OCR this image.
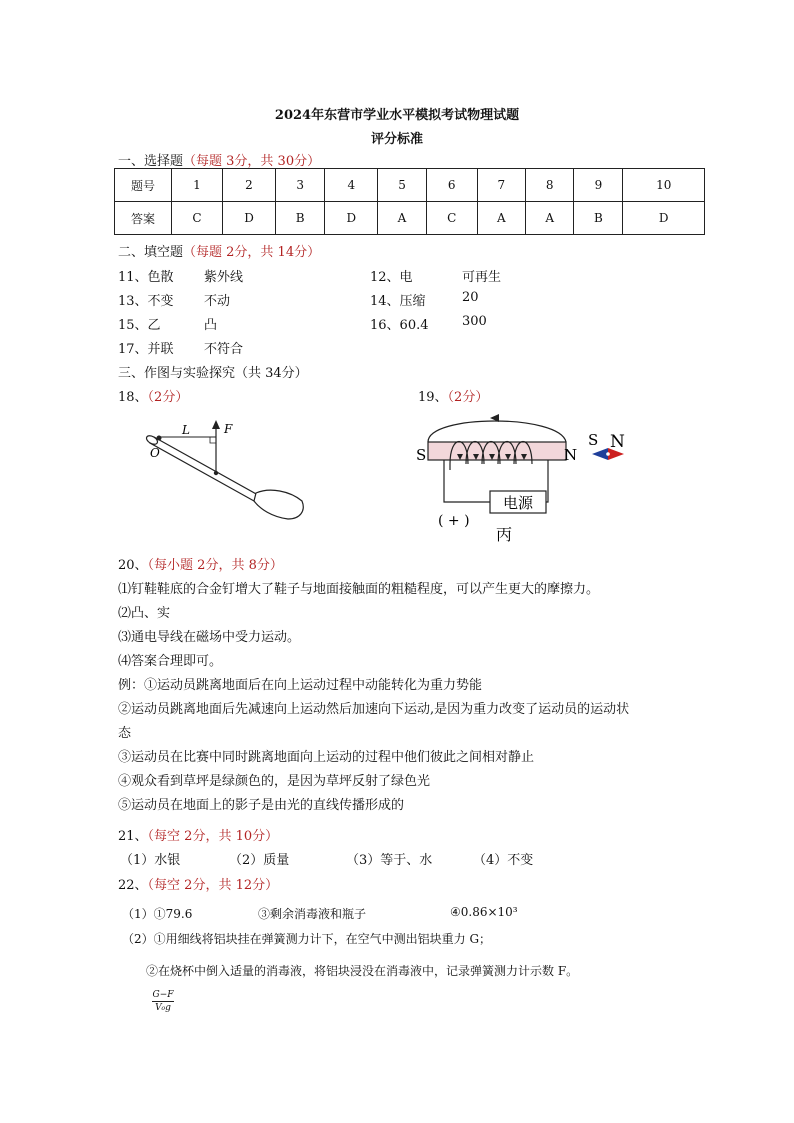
2024年东营市学业水平模拟考试物理试题
评分标准
一、选择题（每题 3分，共 30分）
题号	1	2	3	4	5	6	7	8	9	10
答案	C	D	B	D	A	C	A	A	B	D
二、填空题（每题 2分，共 14分）
11、色散 紫外线	12、电	可再生
13、不变 不动	14、压缩	20
15、乙	凸	16、60.4	300
17、并联 不符合
三、作图与实验探究（共 34分）
18、（2分）	19、（2分）
L	F
O
电源
( + )
丙
S	N
S N
20、（每小题 2分，共 8分）
⑴钉鞋鞋底的合金钉增大了鞋子与地面接触面的粗糙程度，可以产生更大的摩擦力。
⑵凸、实
⑶通电导线在磁场中受力运动。
⑷答案合理即可。
例：①运动员跳离地面后在向上运动过程中动能转化为重力势能
②运动员跳离地面后先减速向上运动然后加速向下运动,是因为重力改变了运动员的运动状
态
③运动员在比赛中同时跳离地面向上运动的过程中他们彼此之间相对静止
④观众看到草坪是绿颜色的，是因为草坪反射了绿色光
⑤运动员在地面上的影子是由光的直线传播形成的
21、（每空 2分，共 10分）
（1）水银	（2）质量	（3）等于、水	（4）不变
22、（每空 2分，共 12分）
（1）①79.6	③剩余消毒液和瓶子	④0.86×10³
（2）①用细线将铝块挂在弹簧测力计下，在空气中测出铝块重力 G；
②在烧杯中倒入适量的消毒液，将铝块浸没在消毒液中，记录弹簧测力计示数 F。
G−F
V₀g
